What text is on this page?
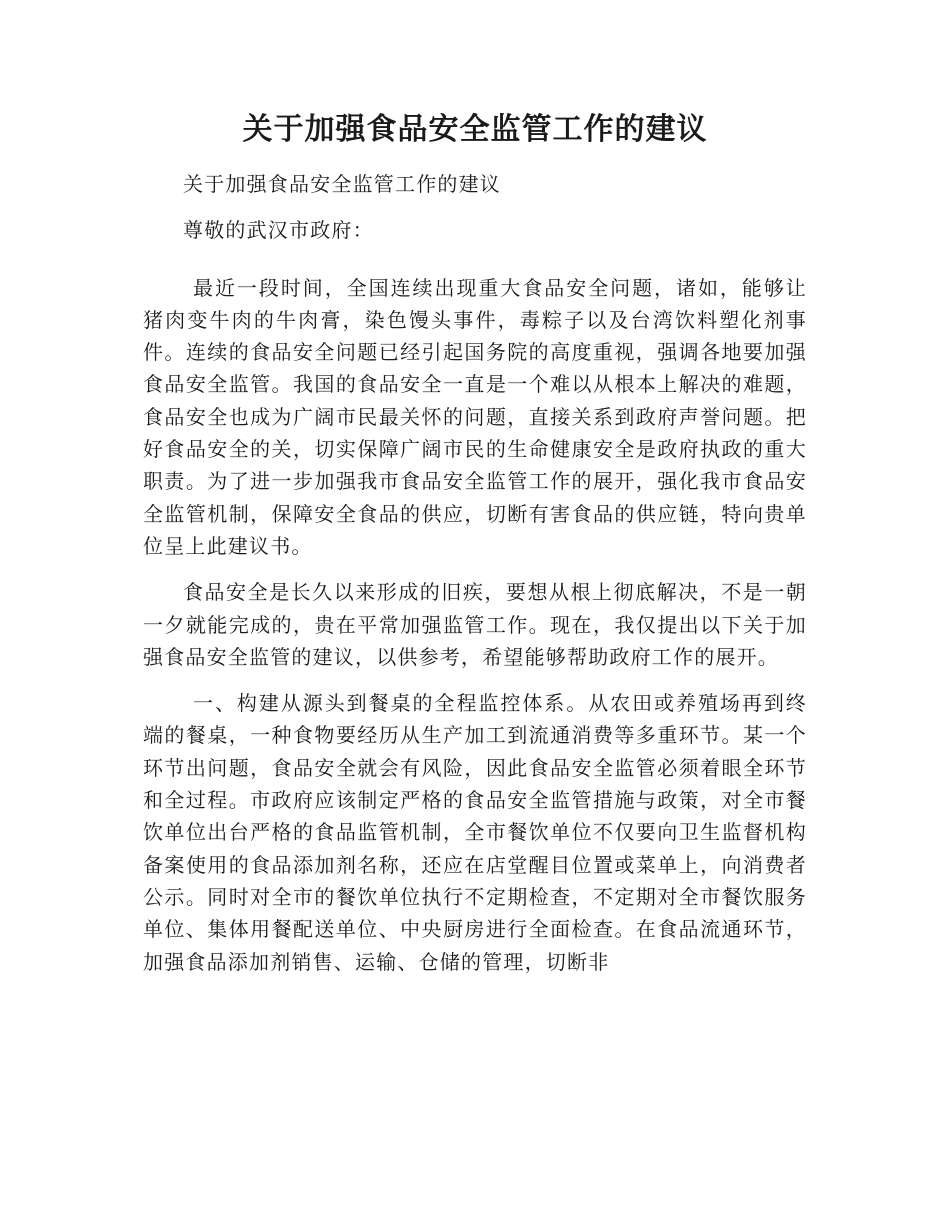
关于加强食品安全监管工作的建议

关于加强食品安全监管工作的建议

尊敬的武汉市政府：

最近一段时间，全国连续出现重大食品安全问题，诸如，能够让猪肉变牛肉的牛肉膏，染色馒头事件，毒粽子以及台湾饮料塑化剂事件。连续的食品安全问题已经引起国务院的高度重视，强调各地要加强食品安全监管。我国的食品安全一直是一个难以从根本上解决的难题，食品安全也成为广阔市民最关怀的问题，直接关系到政府声誉问题。把好食品安全的关，切实保障广阔市民的生命健康安全是政府执政的重大职责。为了进一步加强我市食品安全监管工作的展开，强化我市食品安全监管机制，保障安全食品的供应，切断有害食品的供应链，特向贵单位呈上此建议书。

食品安全是长久以来形成的旧疾，要想从根上彻底解决，不是一朝一夕就能完成的，贵在平常加强监管工作。现在，我仅提出以下关于加强食品安全监管的建议，以供参考，希望能够帮助政府工作的展开。

一、构建从源头到餐桌的全程监控体系。从农田或养殖场再到终端的餐桌，一种食物要经历从生产加工到流通消费等多重环节。某一个环节出问题，食品安全就会有风险，因此食品安全监管必须着眼全环节和全过程。市政府应该制定严格的食品安全监管措施与政策，对全市餐饮单位出台严格的食品监管机制，全市餐饮单位不仅要向卫生监督机构备案使用的食品添加剂名称，还应在店堂醒目位置或菜单上，向消费者公示。同时对全市的餐饮单位执行不定期检查，不定期对全市餐饮服务单位、集体用餐配送单位、中央厨房进行全面检查。在食品流通环节，加强食品添加剂销售、运输、仓储的管理，切断非
